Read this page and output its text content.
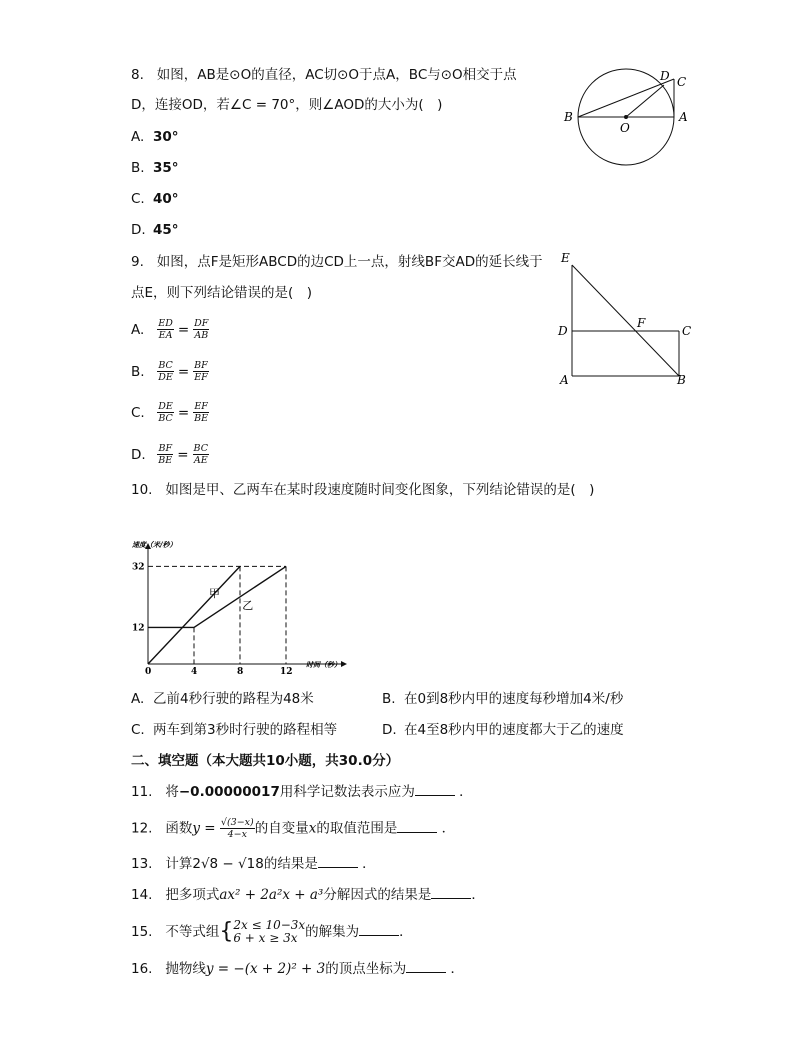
8. 如图，AB是⊙O的直径，AC切⊙O于点A，BC与⊙O相交于点
D，连接OD，若∠C = 70°，则∠AOD的大小为(　)
A. 30°
B. 35°
C. 40°
D. 45°
B	A
O
D C
9. 如图，点F是矩形ABCD的边CD上一点，射线BF交AD的延长线于
点E，则下列结论错误的是(　)
A. $\frac{ED}{EA} = \frac{DF}{AB}$
B. $\frac{BC}{DE} = \frac{BF}{EF}$
C. $\frac{DE}{BC} = \frac{EF}{BE}$
D. $\frac{BF}{BE} = \frac{BC}{AE}$
E
D
F
C
A	B
10. 如图是甲、乙两车在某时段速度随时间变化图象，下列结论错误的是(　)
速度（米/秒）
时间（秒）
甲
乙
0	4	8	12
12
32
A. 乙前4秒行驶的路程为48米	B. 在0到8秒内甲的速度每秒增加4米/秒
C. 两车到第3秒时行驶的路程相等	D. 在4至8秒内甲的速度都大于乙的速度
二、填空题（本大题共10小题，共30.0分）
11. 将−0.00000017用科学记数法表示应为	．
12. 函数$y = \frac{√(3-x)}{4-x}$ 的自变量x的取值范围是	．
13. 计算2√8 − √18的结果是	．
14. 把多项式ax² + 2a²x + a³分解因式的结果是	．
15. 不等式组{ 2x ≤ 10−3x
6 + x ≥ 3x 的解集为	．
16. 抛物线y = −(x + 2)² + 3的顶点坐标为	．
